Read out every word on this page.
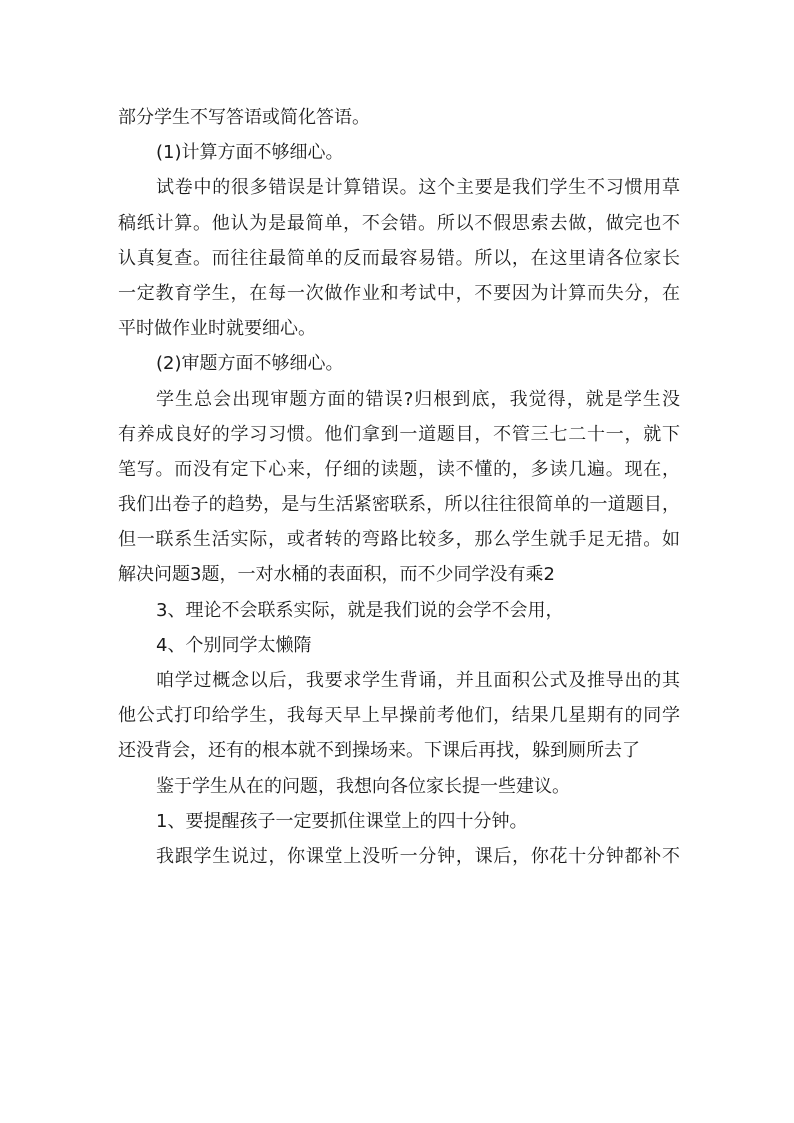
部分学生不写答语或简化答语。
(1)计算方面不够细心。
试卷中的很多错误是计算错误。这个主要是我们学生不习惯用草
稿纸计算。他认为是最简单，不会错。所以不假思索去做，做完也不
认真复查。而往往最简单的反而最容易错。所以，在这里请各位家长
一定教育学生，在每一次做作业和考试中，不要因为计算而失分，在
平时做作业时就要细心。
(2)审题方面不够细心。
学生总会出现审题方面的错误?归根到底，我觉得，就是学生没
有养成良好的学习习惯。他们拿到一道题目，不管三七二十一，就下
笔写。而没有定下心来，仔细的读题，读不懂的，多读几遍。现在，
我们出卷子的趋势，是与生活紧密联系，所以往往很简单的一道题目，
但一联系生活实际，或者转的弯路比较多，那么学生就手足无措。如
解决问题3题，一对水桶的表面积，而不少同学没有乘2
3、理论不会联系实际，就是我们说的会学不会用，
4、个别同学太懒隋
咱学过概念以后，我要求学生背诵，并且面积公式及推导出的其
他公式打印给学生，我每天早上早操前考他们，结果几星期有的同学
还没背会，还有的根本就不到操场来。下课后再找，躲到厕所去了
鉴于学生从在的问题，我想向各位家长提一些建议。
1、要提醒孩子一定要抓住课堂上的四十分钟。
我跟学生说过，你课堂上没听一分钟，课后，你花十分钟都补不
